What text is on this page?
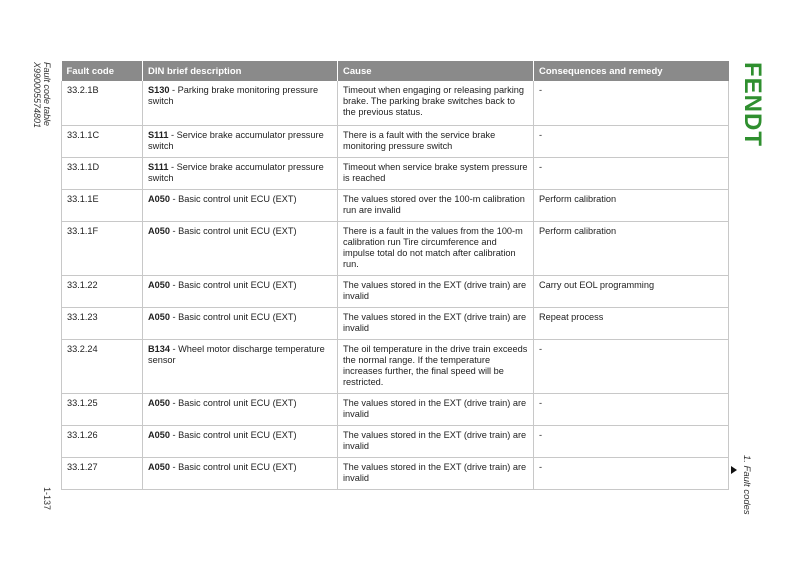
Fault code table
X990005574801
1-137
FENDT
1. Fault codes
Fault code	DIN brief description	Cause	Consequences and remedy
33.2.1B	S130 - Parking brake monitoring pressure switch	Timeout when engaging or releasing parking brake. The parking brake switches back to the previous status.	-
33.1.1C	S111 - Service brake accumulator pressure switch	There is a fault with the service brake monitoring pressure switch	-
33.1.1D	S111 - Service brake accumulator pressure switch	Timeout when service brake system pressure is reached	-
33.1.1E	A050 - Basic control unit ECU (EXT)	The values stored over the 100-m calibration run are invalid	Perform calibration
33.1.1F	A050 - Basic control unit ECU (EXT)	There is a fault in the values from the 100-m calibration run Tire circumference and impulse total do not match after calibration run.	Perform calibration
33.1.22	A050 - Basic control unit ECU (EXT)	The values stored in the EXT (drive train) are invalid	Carry out EOL programming
33.1.23	A050 - Basic control unit ECU (EXT)	The values stored in the EXT (drive train) are invalid	Repeat process
33.2.24	B134 - Wheel motor discharge temperature sensor	The oil temperature in the drive train exceeds the normal range. If the temperature increases further, the final speed will be restricted.	-
33.1.25	A050 - Basic control unit ECU (EXT)	The values stored in the EXT (drive train) are invalid	-
33.1.26	A050 - Basic control unit ECU (EXT)	The values stored in the EXT (drive train) are invalid	-
33.1.27	A050 - Basic control unit ECU (EXT)	The values stored in the EXT (drive train) are invalid	-
